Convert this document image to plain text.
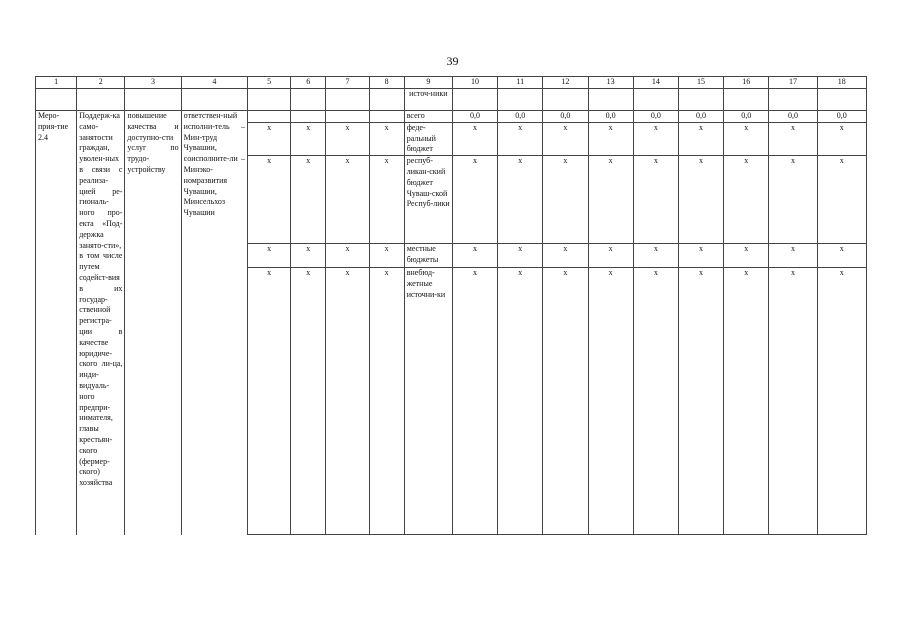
39
1	2	3	4	5	6	7	8	9	10	11	12	13	14	15	16	17	18
								источ-ники									
Меро-прия-тие 2.4	Поддерж-ка само-занятости граждан, уволен-ных в связи с реализа-цией ре-гиональ-ного про-екта «Под-держка занято-сти», в том числе путем содейст-вия в их государ-ственной регистра-ции в качестве юридиче-ского ли-ца, инди-видуаль-ного предпри-нимателя, главы крестьян-ского (фермер-ского) хозяйства	повышение качества и доступно-сти услуг по трудо-устройству	ответствен-ный исполни-тель – Мин-труд Чувашии, соисполните-ли – Минэко-номразвития Чувашии, Минсельхоз Чувашии					всего	0,0	0,0	0,0	0,0	0,0	0,0	0,0	0,0	0,0
				x	x	x	x	феде-ральный бюджет	x	x	x	x	x	x	x	x	x
				x	x	x	x	респуб-ликан-ский бюджет Чуваш-ской Респуб-лики	x	x	x	x	x	x	x	x	x
				x	x	x	x	местные бюджеты	x	x	x	x	x	x	x	x	x
				x	x	x	x	внебюд-жетные источни-ки	x	x	x	x	x	x	x	x	x
